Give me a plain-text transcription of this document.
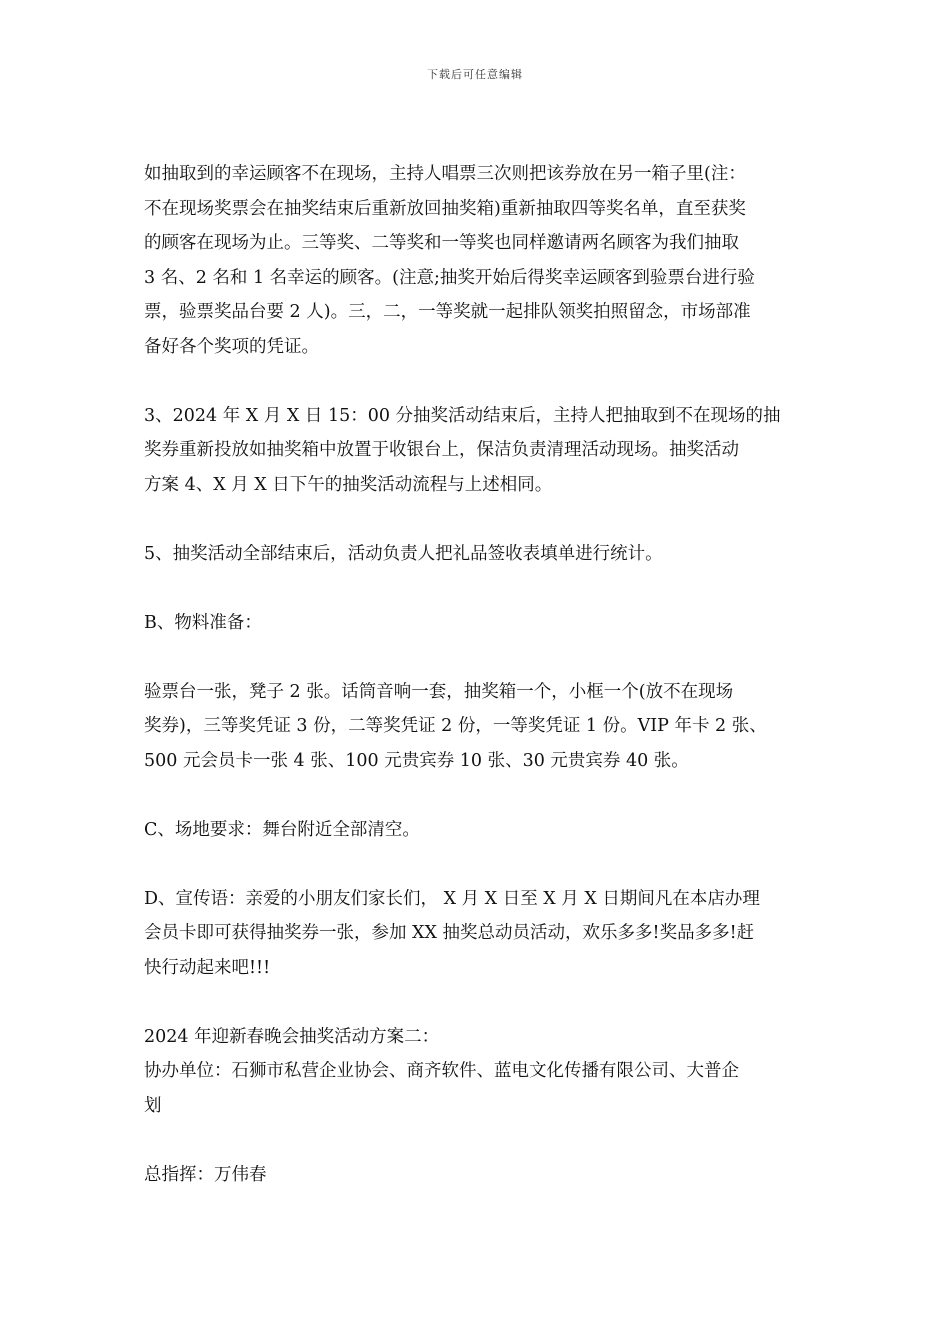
下载后可任意编辑

如抽取到的幸运顾客不在现场，主持人唱票三次则把该券放在另一箱子里(注：
不在现场奖票会在抽奖结束后重新放回抽奖箱)重新抽取四等奖名单，直至获奖
的顾客在现场为止。三等奖、二等奖和一等奖也同样邀请两名顾客为我们抽取
3 名、2 名和 1 名幸运的顾客。(注意;抽奖开始后得奖幸运顾客到验票台进行验
票，验票奖品台要 2 人)。三，二，一等奖就一起排队领奖拍照留念，市场部准
备好各个奖项的凭证。

3、2024 年 X 月 X 日 15：00 分抽奖活动结束后，主持人把抽取到不在现场的抽
奖券重新投放如抽奖箱中放置于收银台上，保洁负责清理活动现场。抽奖活动
方案 4、X 月 X 日下午的抽奖活动流程与上述相同。

5、抽奖活动全部结束后，活动负责人把礼品签收表填单进行统计。

B、物料准备：

验票台一张，凳子 2 张。话筒音响一套，抽奖箱一个，小框一个(放不在现场
奖券)，三等奖凭证 3 份，二等奖凭证 2 份，一等奖凭证 1 份。VIP 年卡 2 张、
500 元会员卡一张 4 张、100 元贵宾券 10 张、30 元贵宾券 40 张。

C、场地要求：舞台附近全部清空。

D、宣传语：亲爱的小朋友们家长们， X 月 X 日至 X 月 X 日期间凡在本店办理
会员卡即可获得抽奖券一张，参加 XX 抽奖总动员活动，欢乐多多!奖品多多!赶
快行动起来吧!!!

2024 年迎新春晚会抽奖活动方案二：

协办单位：石狮市私营企业协会、商齐软件、蓝电文化传播有限公司、大普企
划

总指挥：万伟春
